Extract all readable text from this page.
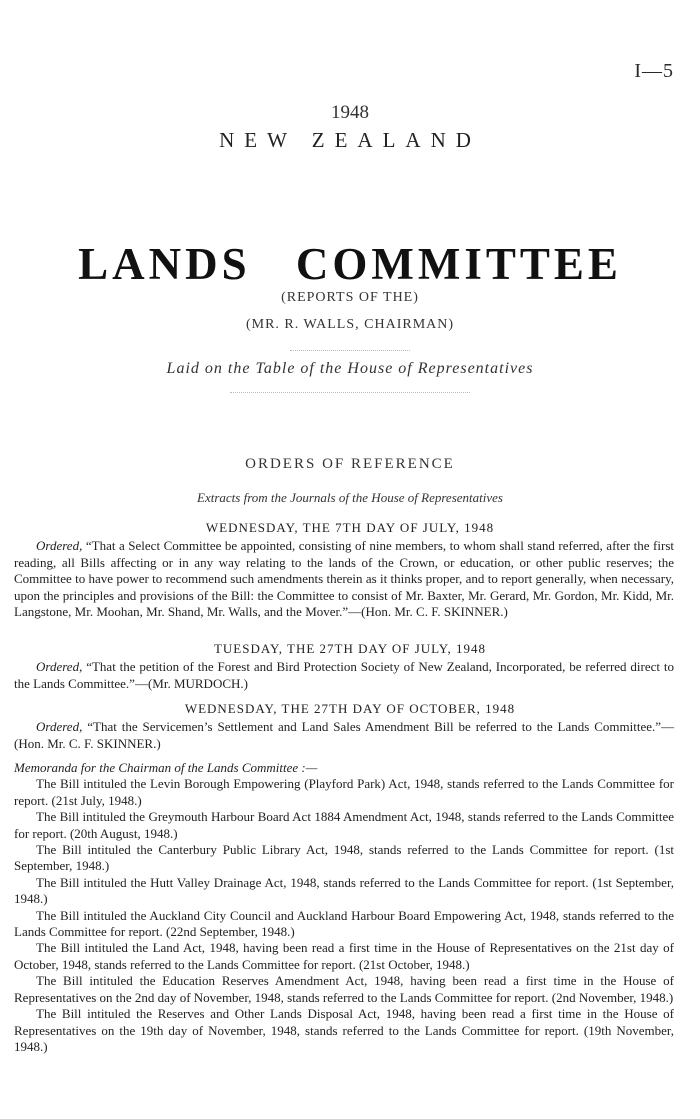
I—5
1948
NEW ZEALAND
LANDS COMMITTEE
(REPORTS OF THE)
(MR. R. WALLS, CHAIRMAN)
Laid on the Table of the House of Representatives
ORDERS OF REFERENCE
Extracts from the Journals of the House of Representatives
WEDNESDAY, THE 7TH DAY OF JULY, 1948

Ordered, “That a Select Committee be appointed, consisting of nine members, to whom shall stand referred, after the first reading, all Bills affecting or in any way relating to the lands of the Crown, or education, or other public reserves; the Committee to have power to recommend such amendments therein as it thinks proper, and to report generally, when necessary, upon the principles and provisions of the Bill: the Committee to consist of Mr. Baxter, Mr. Gerard, Mr. Gordon, Mr. Kidd, Mr. Langstone, Mr. Moohan, Mr. Shand, Mr. Walls, and the Mover.”—(Hon. Mr. C. F. SKINNER.)

TUESDAY, THE 27TH DAY OF JULY, 1948

Ordered, “That the petition of the Forest and Bird Protection Society of New Zealand, Incorporated, be referred direct to the Lands Committee.”—(Mr. MURDOCH.)

WEDNESDAY, THE 27TH DAY OF OCTOBER, 1948

Ordered, “That the Servicemen’s Settlement and Land Sales Amendment Bill be referred to the Lands Committee.”—(Hon. Mr. C. F. SKINNER.)

Memoranda for the Chairman of the Lands Committee :—

The Bill intituled the Levin Borough Empowering (Playford Park) Act, 1948, stands referred to the Lands Committee for report. (21st July, 1948.)

The Bill intituled the Greymouth Harbour Board Act 1884 Amendment Act, 1948, stands referred to the Lands Committee for report. (20th August, 1948.)

The Bill intituled the Canterbury Public Library Act, 1948, stands referred to the Lands Committee for report. (1st September, 1948.)

The Bill intituled the Hutt Valley Drainage Act, 1948, stands referred to the Lands Committee for report. (1st September, 1948.)

The Bill intituled the Auckland City Council and Auckland Harbour Board Empowering Act, 1948, stands referred to the Lands Committee for report. (22nd September, 1948.)

The Bill intituled the Land Act, 1948, having been read a first time in the House of Representatives on the 21st day of October, 1948, stands referred to the Lands Committee for report. (21st October, 1948.)

The Bill intituled the Education Reserves Amendment Act, 1948, having been read a first time in the House of Representatives on the 2nd day of November, 1948, stands referred to the Lands Committee for report. (2nd November, 1948.)

The Bill intituled the Reserves and Other Lands Disposal Act, 1948, having been read a first time in the House of Representatives on the 19th day of November, 1948, stands referred to the Lands Committee for report. (19th November, 1948.)
